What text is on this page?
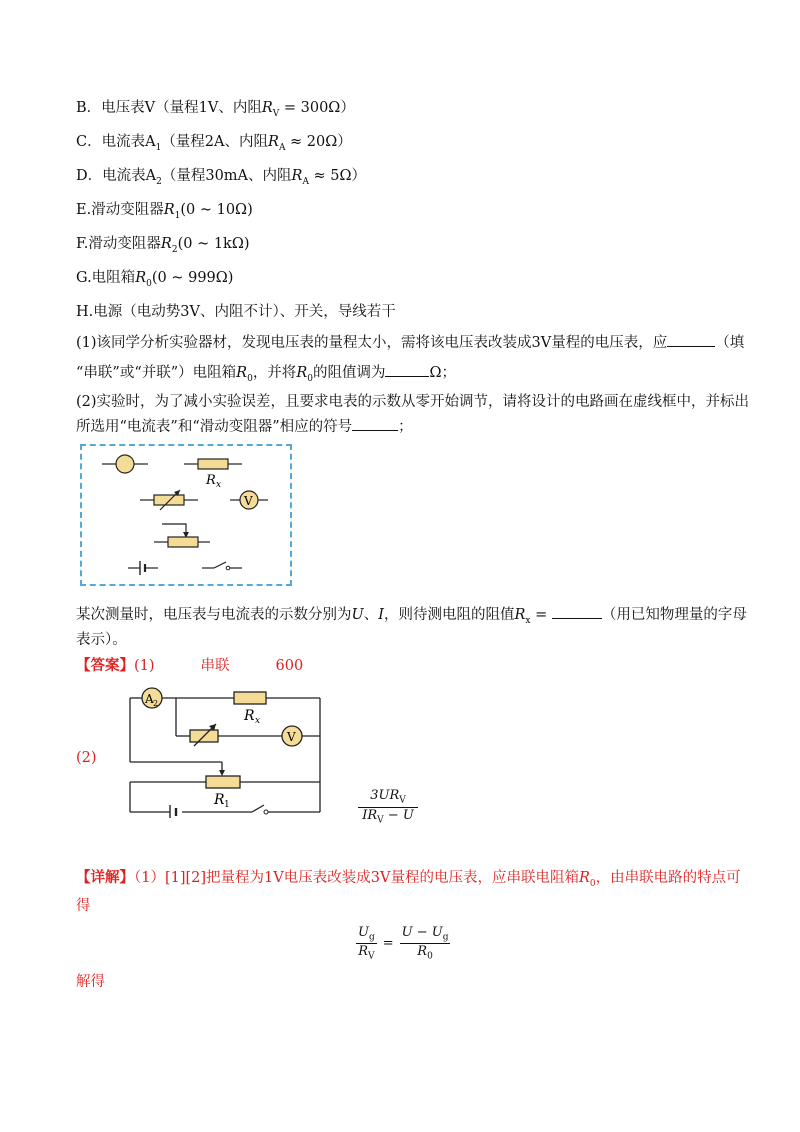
B．电压表V（量程1V、内阻$R_V = 300\Omega$）
C．电流表$A_1$（量程2A、内阻$R_A \approx 20\Omega$）
D．电流表$A_2$（量程30mA、内阻$R_A \approx 5\Omega$）
E.滑动变阻器$R_1(0$ ~ 10Ω)
F.滑动变阻器$R_2(0$ ~ 1kΩ)
G.电阻箱$R_0(0$ ~ 999Ω)
H.电源（电动势3V、内阻不计）、开关，导线若干
(1)该同学分析实验器材，发现电压表的量程太小，需将该电压表改装成3V量程的电压表，应	（填
“串联”或“并联”）电阻箱$R_0$，并将$R_0$的阻值调为	Ω；
(2)实验时，为了减小实验误差，且要求电表的示数从零开始调节，请将设计的电路画在虚线框中，并标出
所选用“电流表”和“滑动变阻器”相应的符号	；
R x
V
某次测量时，电压表与电流表的示数分别为U、I，则待测电阻的阻值$R_x$ =	（用已知物理量的字母
表示）。
【答案】(1)	串联	600
(2)
A 2
R x
V
R 1
$3UR_V$
$IR_V - U$
【详解】（1）[1][2]把量程为1V电压表改装成3V量程的电压表，应串联电阻箱$R_0$，由串联电路的特点可
得
$\frac{U_g}{R_V} = \frac{U - U_g}{R_0}$
解得
